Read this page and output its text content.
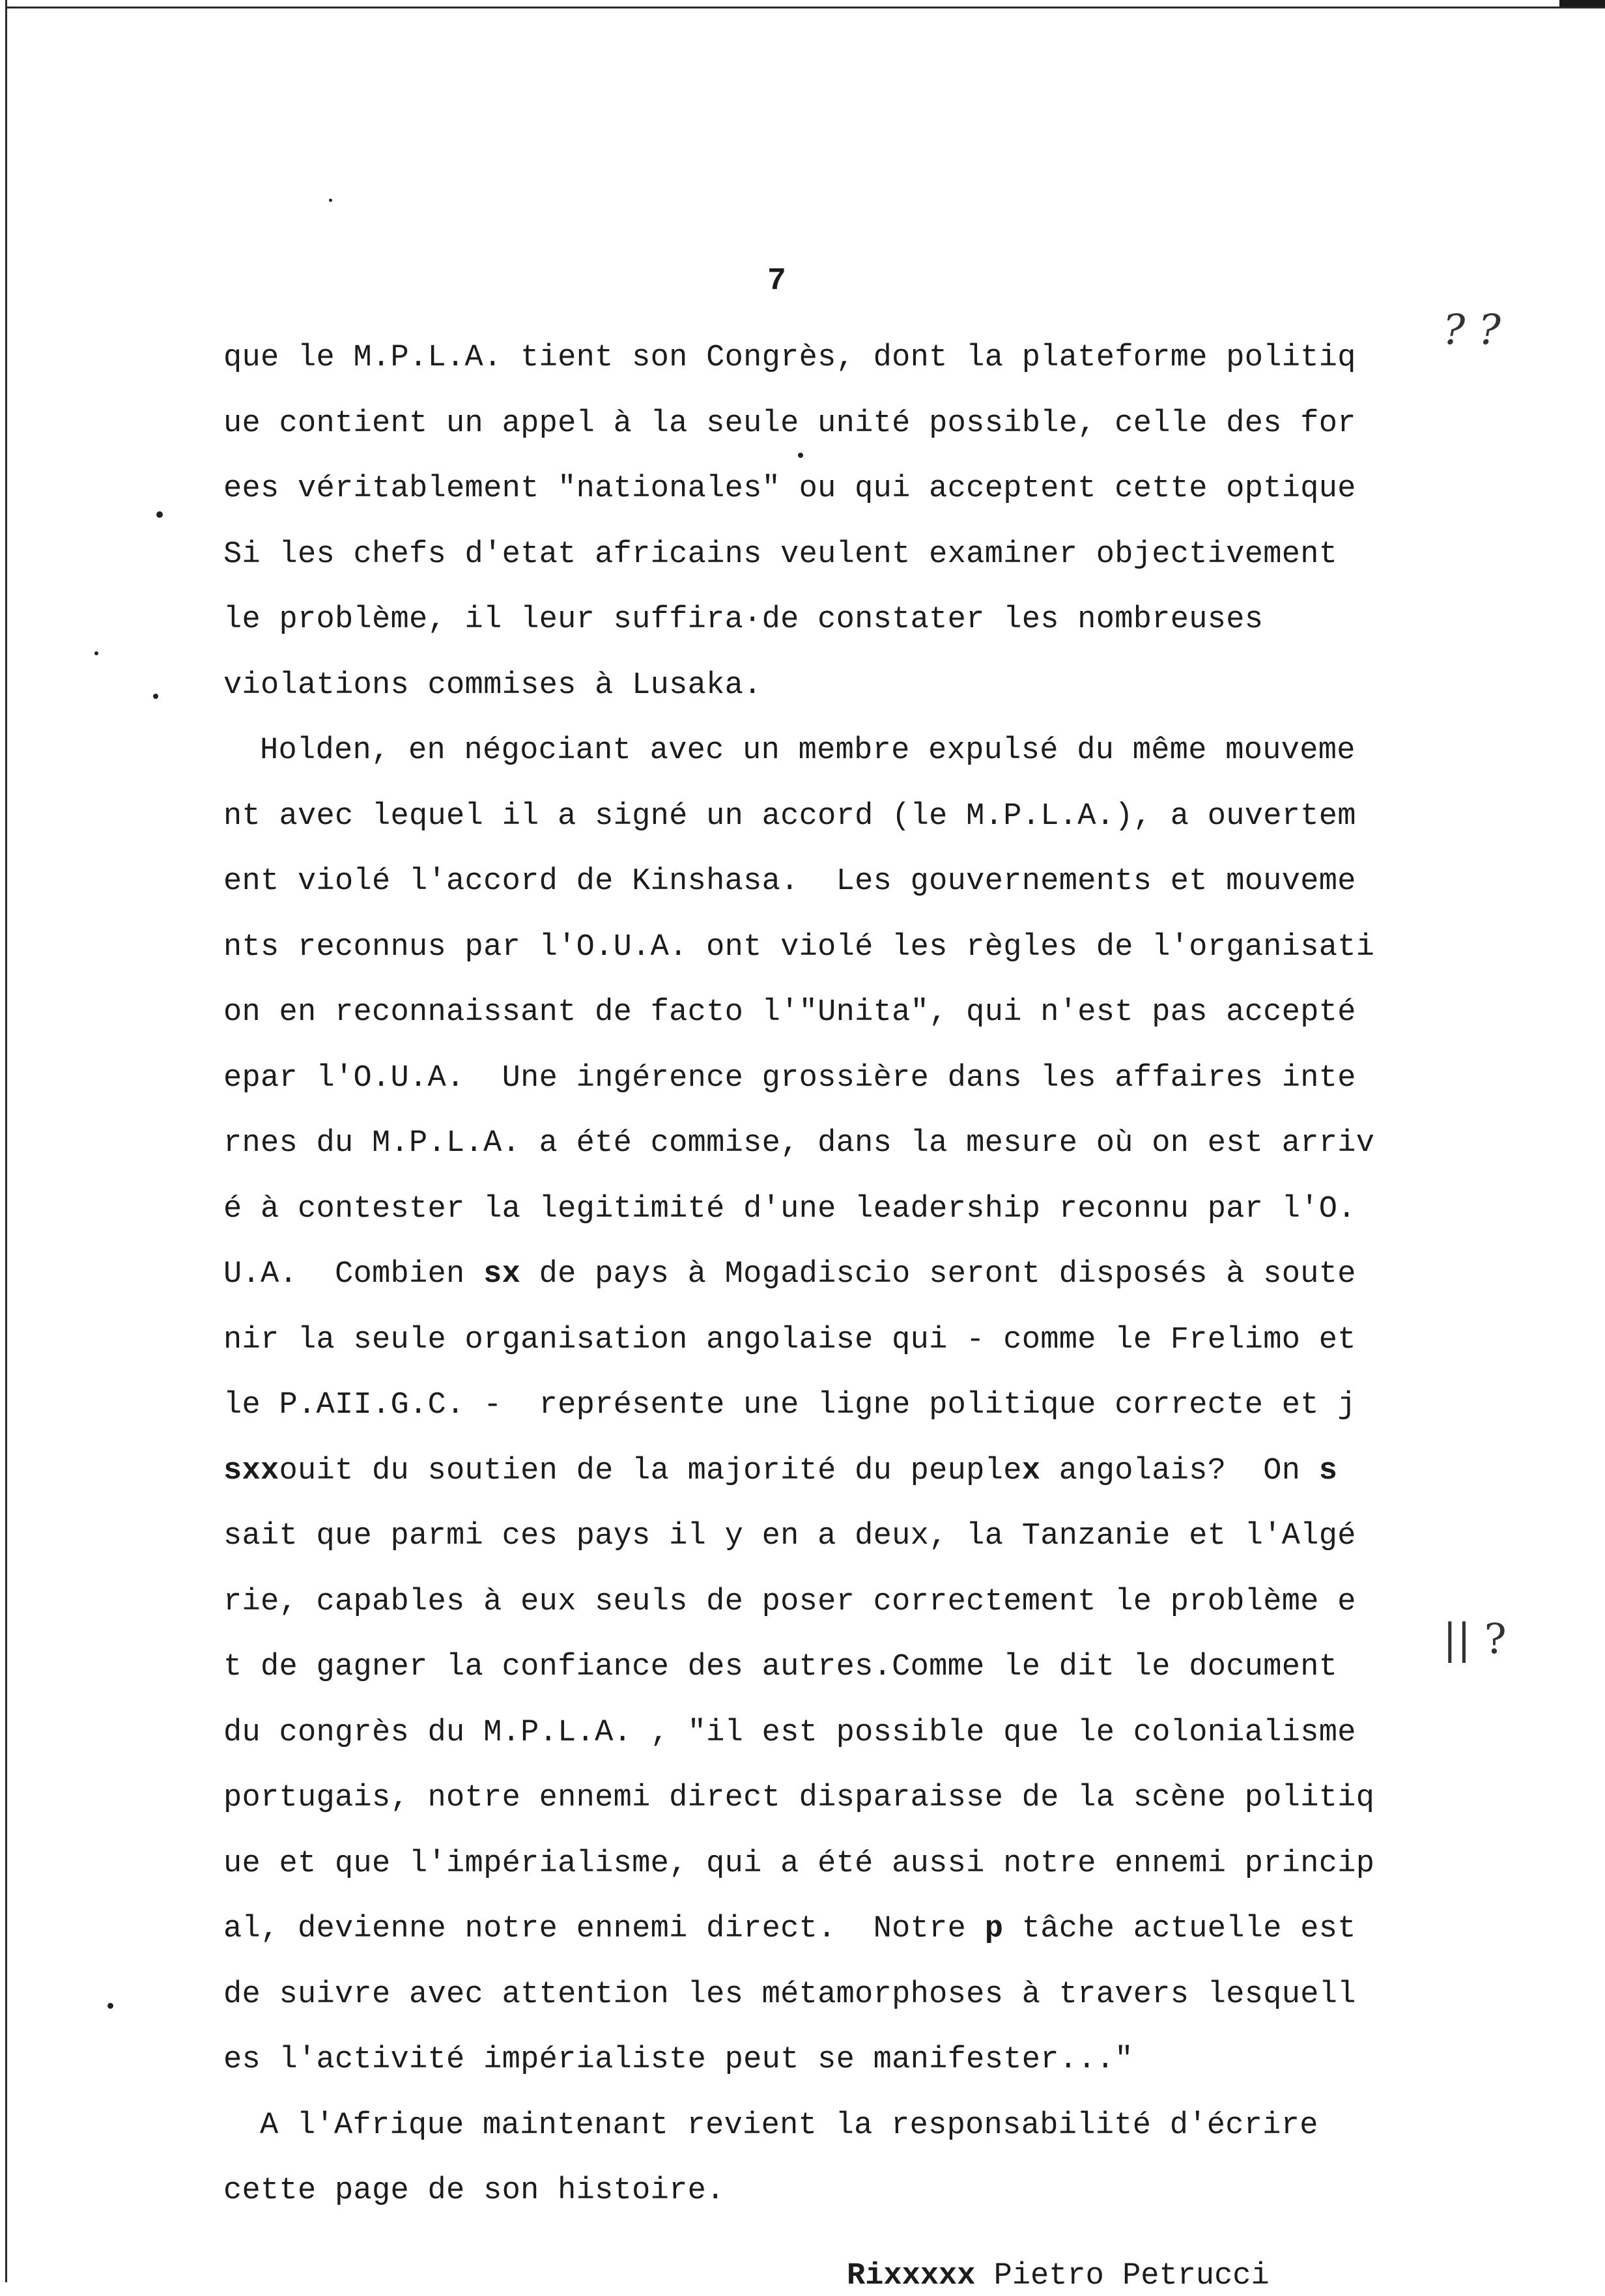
7
que le M.P.L.A. tient son Congrès, dont la plateforme politiq
ue contient un appel à la seule unité possible, celle des for
ees véritablement "nationales" ou qui acceptent cette optique
Si les chefs d'etat africains veulent examiner objectivement
le problème, il leur suffira·de constater les nombreuses
violations commises à Lusaka.
Holden, en négociant avec un membre expulsé du même mouveme
nt avec lequel il a signé un accord (le M.P.L.A.), a ouvertem
ent violé l'accord de Kinshasa.  Les gouvernements et mouveme
nts reconnus par l'O.U.A. ont violé les règles de l'organisati
on en reconnaissant de facto l'"Unita", qui n'est pas accepté
epar l'O.U.A.  Une ingérence grossière dans les affaires inte
rnes du M.P.L.A. a été commise, dans la mesure où on est arriv
é à contester la legitimité d'une leadership reconnu par l'O.
U.A.  Combien sx de pays à Mogadiscio seront disposés à soute
nir la seule organisation angolaise qui - comme le Frelimo et
le P.AII.G.C. -  représente une ligne politique correcte et j
sxxouit du soutien de la majorité du peuplex angolais?  On s
sait que parmi ces pays il y en a deux, la Tanzanie et l'Algé
rie, capables à eux seuls de poser correctement le problème e
t de gagner la confiance des autres.Comme le dit le document
du congrès du M.P.L.A. , "il est possible que le colonialisme
portugais, notre ennemi direct disparaisse de la scène politiq
ue et que l'impérialisme, qui a été aussi notre ennemi princip
al, devienne notre ennemi direct.  Notre p tâche actuelle est
de suivre avec attention les métamorphoses à travers lesquell
es l'activité impérialiste peut se manifester..."
A l'Afrique maintenant revient la responsabilité d'écrire
cette page de son histoire.
Rixxxxx Pietro Petrucci
? ?
|| ?
